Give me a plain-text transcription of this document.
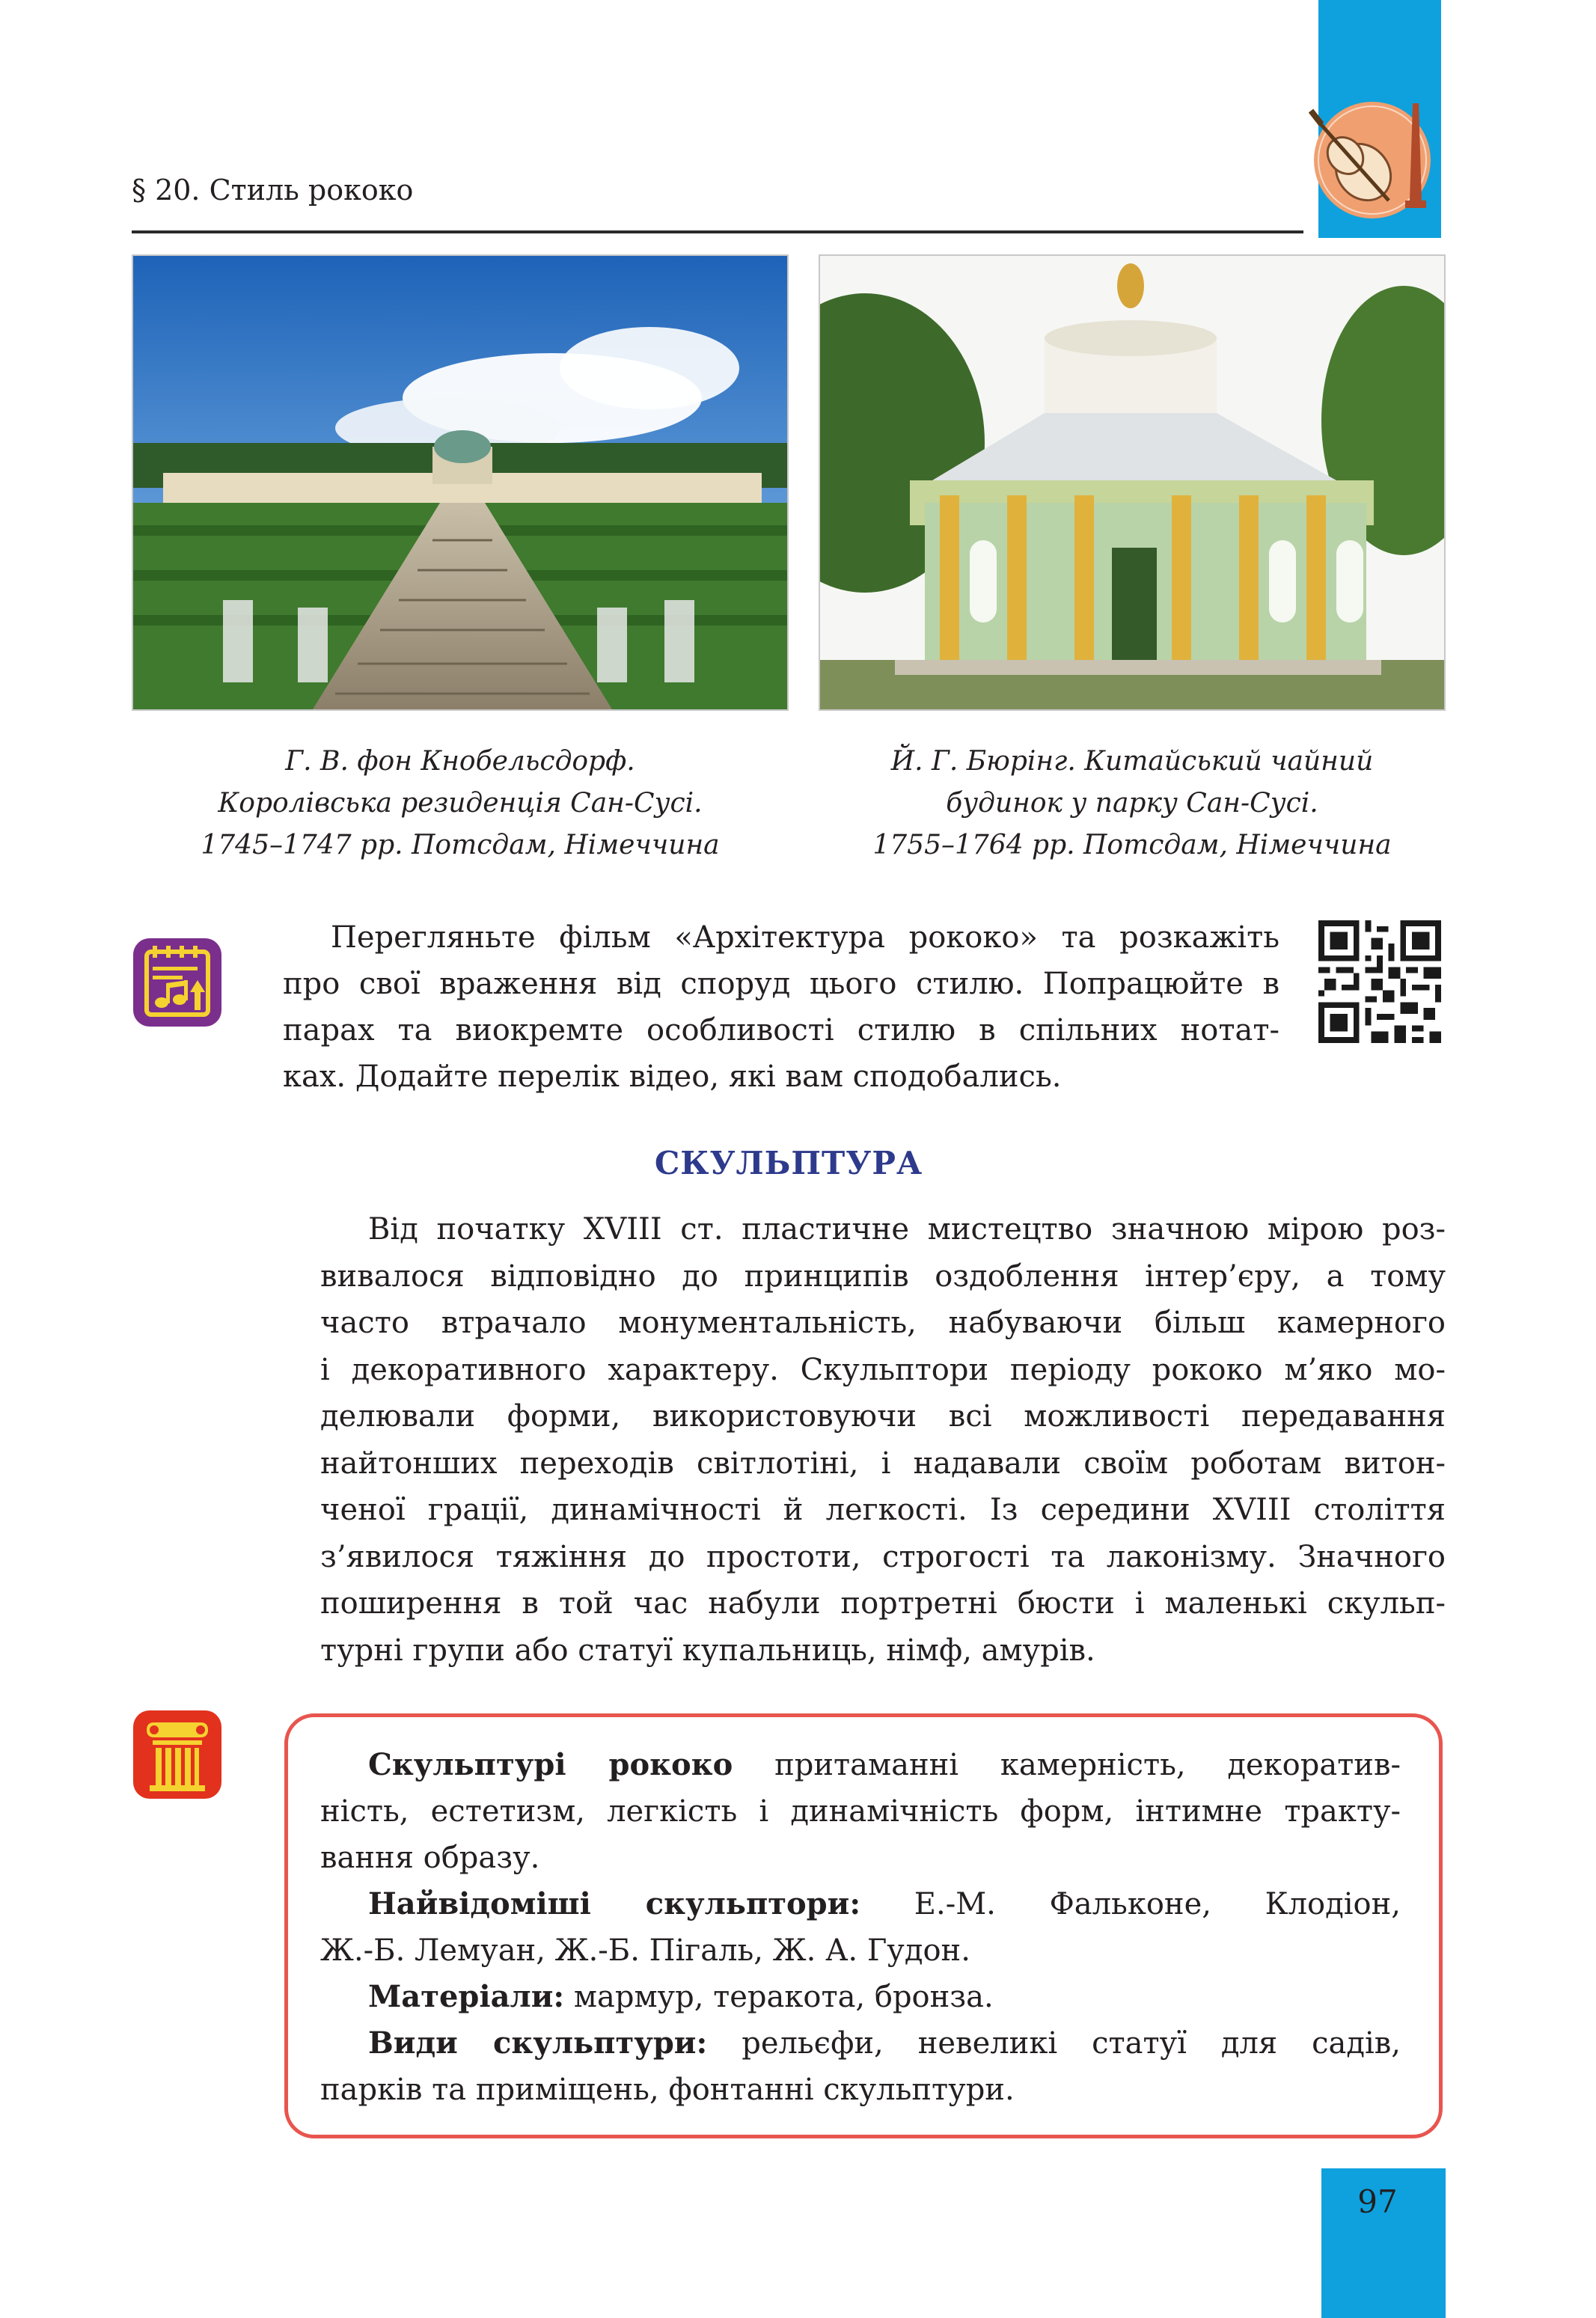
§ 20. Стиль рококо
Г. В. фон Кнобельсдорф.
Королівська резиденція Сан-Сусі.
1745–1747 рр. Потсдам, Німеччина
Й. Г. Бюрінг. Китайський чайний
будинок у парку Сан-Сусі.
1755–1764 рр. Потсдам, Німеччина
Перегляньте фільм «Архітектура рококо» та розкажіть
про свої враження від споруд цього стилю. Попрацюйте в
парах та виокремте особливості стилю в спільних нотат-
ках. Додайте перелік відео, які вам сподобались.
СКУЛЬПТУРА
Від початку XVIII ст. пластичне мистецтво значною мірою роз-
вивалося відповідно до принципів оздоблення інтер’єру, а тому
часто втрачало монументальність, набуваючи більш камерного
і декоративного характеру. Скульптори періоду рококо м’яко мо-
делювали форми, використовуючи всі можливості передавання
найтонших переходів світлотіні, і надавали своїм роботам витон-
ченої грації, динамічності й легкості. Із середини XVIII століття
з’явилося тяжіння до простоти, строгості та лаконізму. Значного
поширення в той час набули портретні бюсти і маленькі скульп-
турні групи або статуї купальниць, німф, амурів.
Скульптурі рококо притаманні камерність, декоратив-
ність, естетизм, легкість і динамічність форм, інтимне тракту-
вання образу.
Найвідоміші скульптори: Е.-М. Фальконе, Клодіон,
Ж.-Б. Лемуан, Ж.-Б. Пігаль, Ж. А. Гудон.
Матеріали: мармур, теракота, бронза.
Види скульптури: рельєфи, невеликі статуї для садів,
парків та приміщень, фонтанні скульптури.
97
